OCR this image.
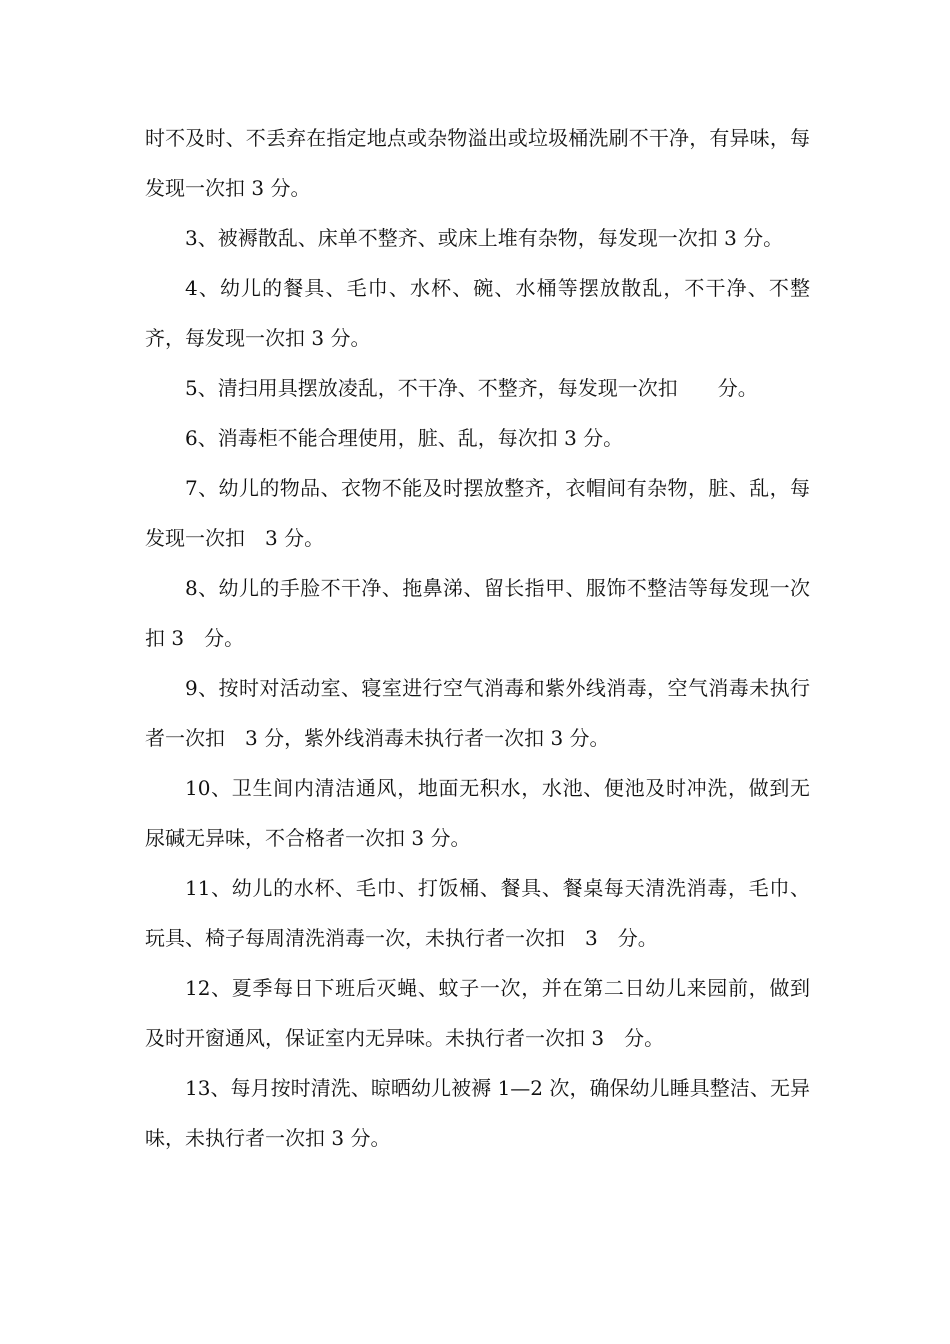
时不及时、不丢弃在指定地点或杂物溢出或垃圾桶洗刷不干净，有异味，每发现一次扣 3 分。

3、被褥散乱、床单不整齐、或床上堆有杂物，每发现一次扣 3 分。

4、幼儿的餐具、毛巾、水杯、碗、水桶等摆放散乱，不干净、不整齐，每发现一次扣 3 分。

5、清扫用具摆放凌乱，不干净、不整齐，每发现一次扣　　分。

6、消毒柜不能合理使用，脏、乱，每次扣 3 分。

7、幼儿的物品、衣物不能及时摆放整齐，衣帽间有杂物，脏、乱，每发现一次扣　3 分。

8、幼儿的手脸不干净、拖鼻涕、留长指甲、服饰不整洁等每发现一次扣 3　分。

9、按时对活动室、寝室进行空气消毒和紫外线消毒，空气消毒未执行者一次扣　3 分，紫外线消毒未执行者一次扣 3 分。

10、卫生间内清洁通风，地面无积水，水池、便池及时冲洗，做到无尿碱无异味，不合格者一次扣 3 分。

11、幼儿的水杯、毛巾、打饭桶、餐具、餐桌每天清洗消毒，毛巾、玩具、椅子每周清洗消毒一次，未执行者一次扣　3　分。

12、夏季每日下班后灭蝇、蚊子一次，并在第二日幼儿来园前，做到及时开窗通风，保证室内无异味。未执行者一次扣 3　分。

13、每月按时清洗、晾晒幼儿被褥 1—2 次，确保幼儿睡具整洁、无异味，未执行者一次扣 3 分。
